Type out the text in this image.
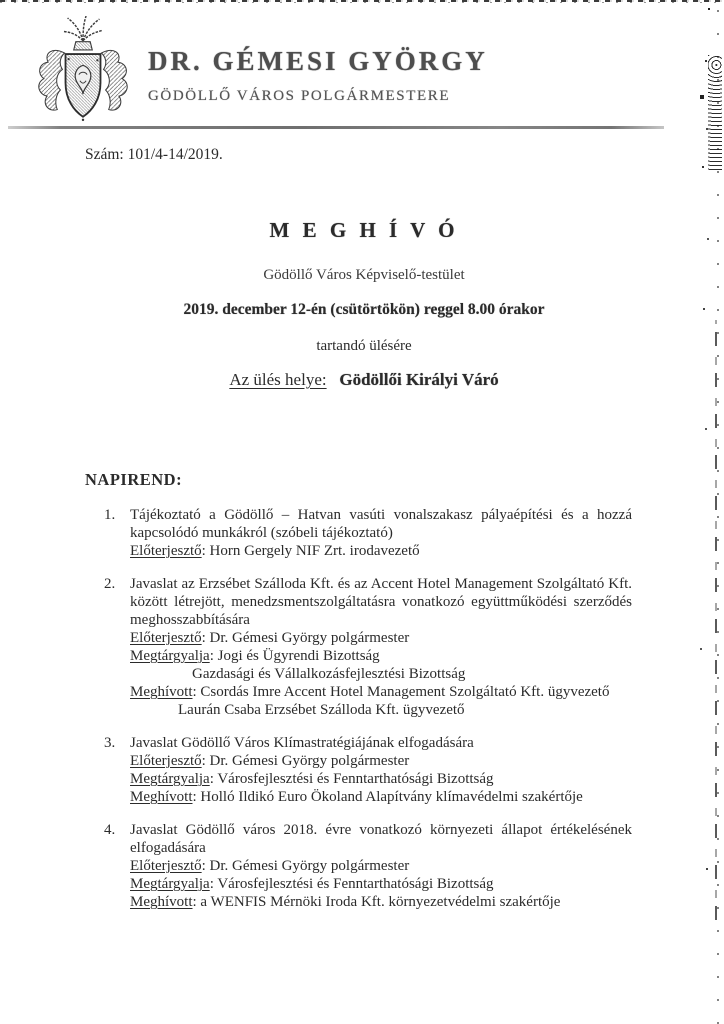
DR. GÉMESI GYÖRGY
GÖDÖLLŐ VÁROS POLGÁRMESTERE
Szám: 101/4-14/2019.
M E G H Í V Ó
Gödöllő Város Képviselő-testület
2019. december 12-én (csütörtökön) reggel 8.00 órakor
tartandó ülésére
Az ülés helye: Gödöllői Királyi Váró
NAPIREND:
1. Tájékoztató a Gödöllő – Hatvan vasúti vonalszakasz pályaépítési és a hozzá kapcsolódó munkákról (szóbeli tájékoztató)
Előterjesztő: Horn Gergely NIF Zrt. irodavezető
2. Javaslat az Erzsébet Szálloda Kft. és az Accent Hotel Management Szolgáltató Kft. között létrejött, menedzsmentszolgáltatásra vonatkozó együttműködési szerződés meghosszabbítására
Előterjesztő: Dr. Gémesi György polgármester
Megtárgyalja: Jogi és Ügyrendi Bizottság
Gazdasági és Vállalkozásfejlesztési Bizottság
Meghívott: Csordás Imre Accent Hotel Management Szolgáltató Kft. ügyvezető
Laurán Csaba Erzsébet Szálloda Kft. ügyvezető
3. Javaslat Gödöllő Város Klímastratégiájának elfogadására
Előterjesztő: Dr. Gémesi György polgármester
Megtárgyalja: Városfejlesztési és Fenntarthatósági Bizottság
Meghívott: Holló Ildikó Euro Ökoland Alapítvány klímavédelmi szakértője
4. Javaslat Gödöllő város 2018. évre vonatkozó környezeti állapot értékelésének elfogadására
Előterjesztő: Dr. Gémesi György polgármester
Megtárgyalja: Városfejlesztési és Fenntarthatósági Bizottság
Meghívott: a WENFIS Mérnöki Iroda Kft. környezetvédelmi szakértője
